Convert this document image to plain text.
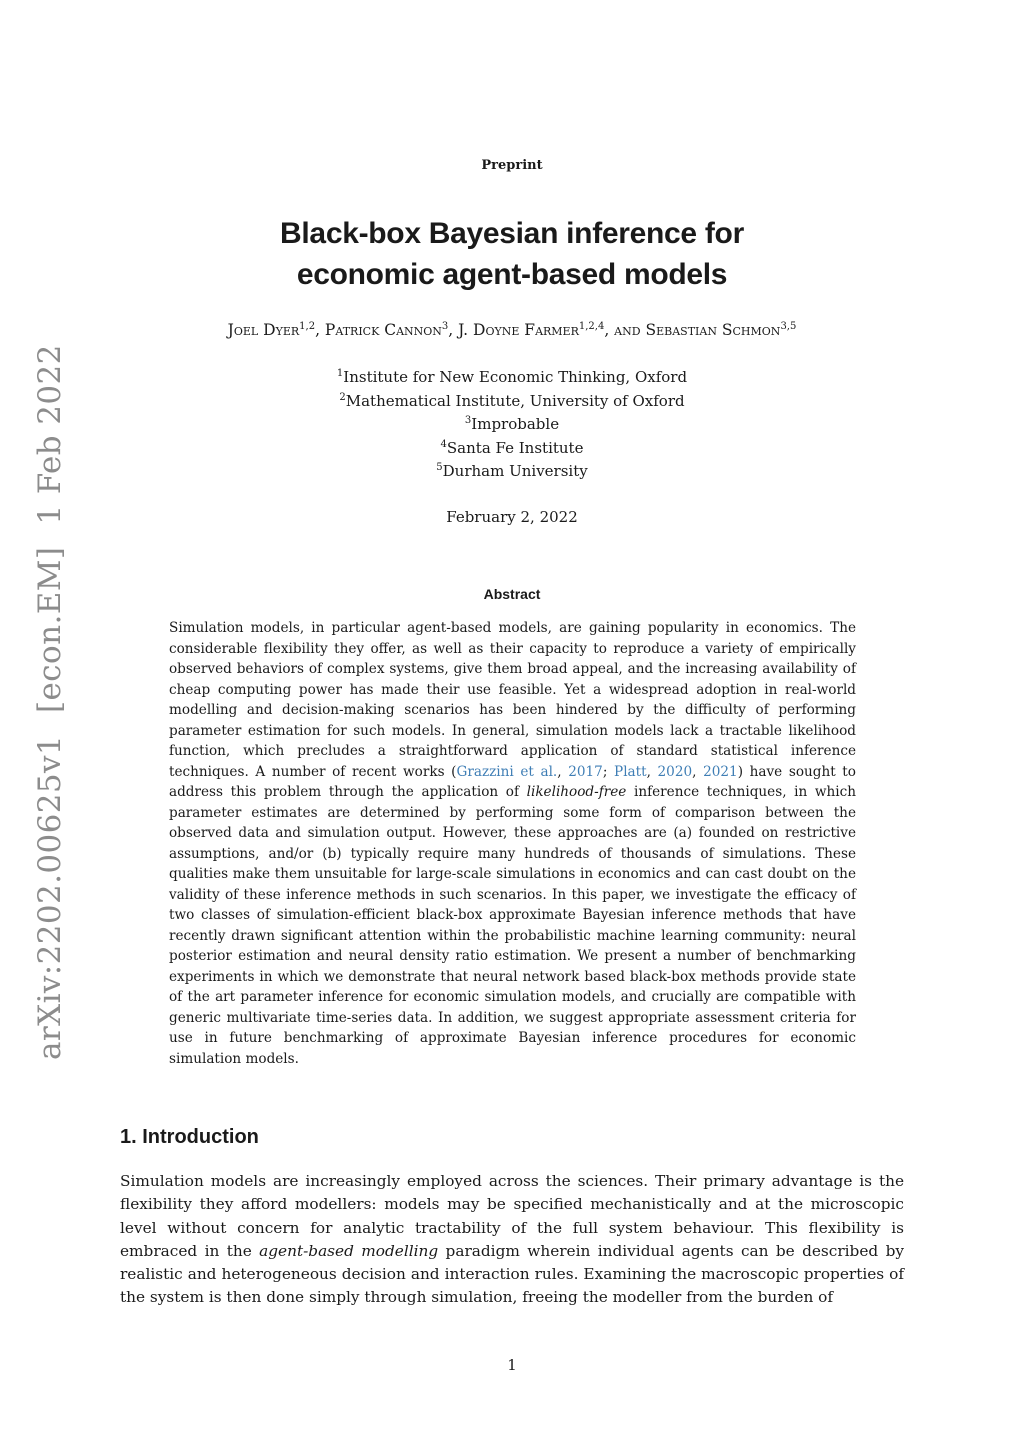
arXiv:2202.00625v1[econ.EM]1 Feb 2022
Preprint
Black-box Bayesian inference for economic agent-based models
Joel Dyer$^{1,2}$, Patrick Cannon$^3$, J. Doyne Farmer$^{1,2,4}$, and Sebastian Schmon$^{3,5}$
$^1$Institute for New Economic Thinking, Oxford
$^2$Mathematical Institute, University of Oxford
$^3$Improbable
$^4$Santa Fe Institute
$^5$Durham University
February 2, 2022
Abstract
Simulation models, in particular agent-based models, are gaining popularity in economics. The considerable flexibility they offer, as well as their capacity to reproduce a variety of empirically observed behaviors of complex systems, give them broad appeal, and the increasing availability of cheap computing power has made their use feasible. Yet a widespread adoption in real-world modelling and decision-making scenarios has been hindered by the difficulty of performing parameter estimation for such models. In general, simulation models lack a tractable likelihood function, which precludes a straightforward application of standard statistical inference techniques. A number of recent works (Grazzini et al., 2017; Platt, 2020, 2021) have sought to address this problem through the application of likelihood-free inference techniques, in which parameter estimates are determined by performing some form of comparison between the observed data and simulation output. However, these approaches are (a) founded on restrictive assumptions, and/or (b) typically require many hundreds of thousands of simulations. These qualities make them unsuitable for large-scale simulations in economics and can cast doubt on the validity of these inference methods in such scenarios. In this paper, we investigate the efficacy of two classes of simulation-efficient black-box approximate Bayesian inference methods that have recently drawn significant attention within the probabilistic machine learning community: neural posterior estimation and neural density ratio estimation. We present a number of benchmarking experiments in which we demonstrate that neural network based black-box methods provide state of the art parameter inference for economic simulation models, and crucially are compatible with generic multivariate time-series data. In addition, we suggest appropriate assessment criteria for use in future benchmarking of approximate Bayesian inference procedures for economic simulation models.
1. Introduction
Simulation models are increasingly employed across the sciences. Their primary advantage is the flexibility they afford modellers: models may be specified mechanistically and at the microscopic level without concern for analytic tractability of the full system behaviour. This flexibility is embraced in the agent-based modelling paradigm wherein individual agents can be described by realistic and heterogeneous decision and interaction rules. Examining the macroscopic properties of the system is then done simply through simulation, freeing the modeller from the burden of
1
